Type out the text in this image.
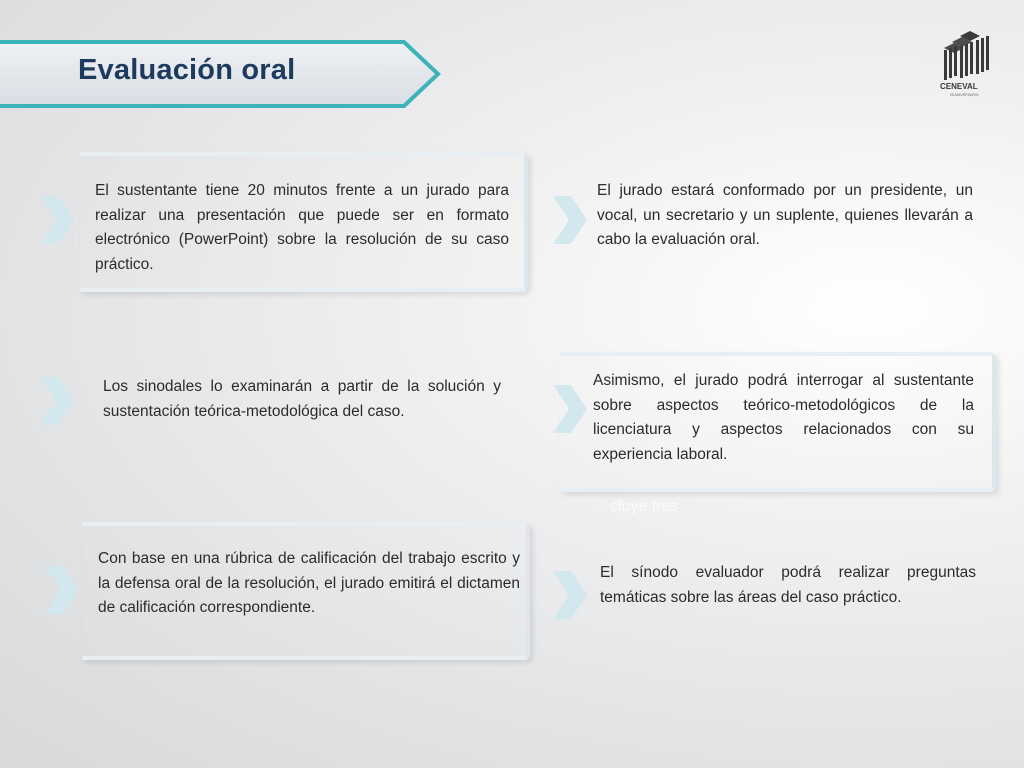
Evaluación oral
CENEVAL
25 ANIVERSARIO
El sustentante tiene 20 minutos frente a un jurado para realizar una presentación que puede ser en formato electrónico (PowerPoint) sobre la resolución de su caso práctico.
El jurado estará conformado por un presidente, un vocal, un secretario y un suplente, quienes llevarán a cabo la evaluación oral.
Los sinodales lo examinarán a partir de la solución y sustentación teórica-metodológica del caso.
Asimismo, el jurado podrá interrogar al sustentante sobre aspectos teórico-metodológicos de la licenciatura y aspectos relacionados con su experiencia laboral.
cluye tres
Con base en una rúbrica de calificación del trabajo escrito y la defensa oral de la resolución, el jurado emitirá el dictamen de calificación correspondiente.
El sínodo evaluador podrá realizar preguntas temáticas sobre las áreas del caso práctico.
